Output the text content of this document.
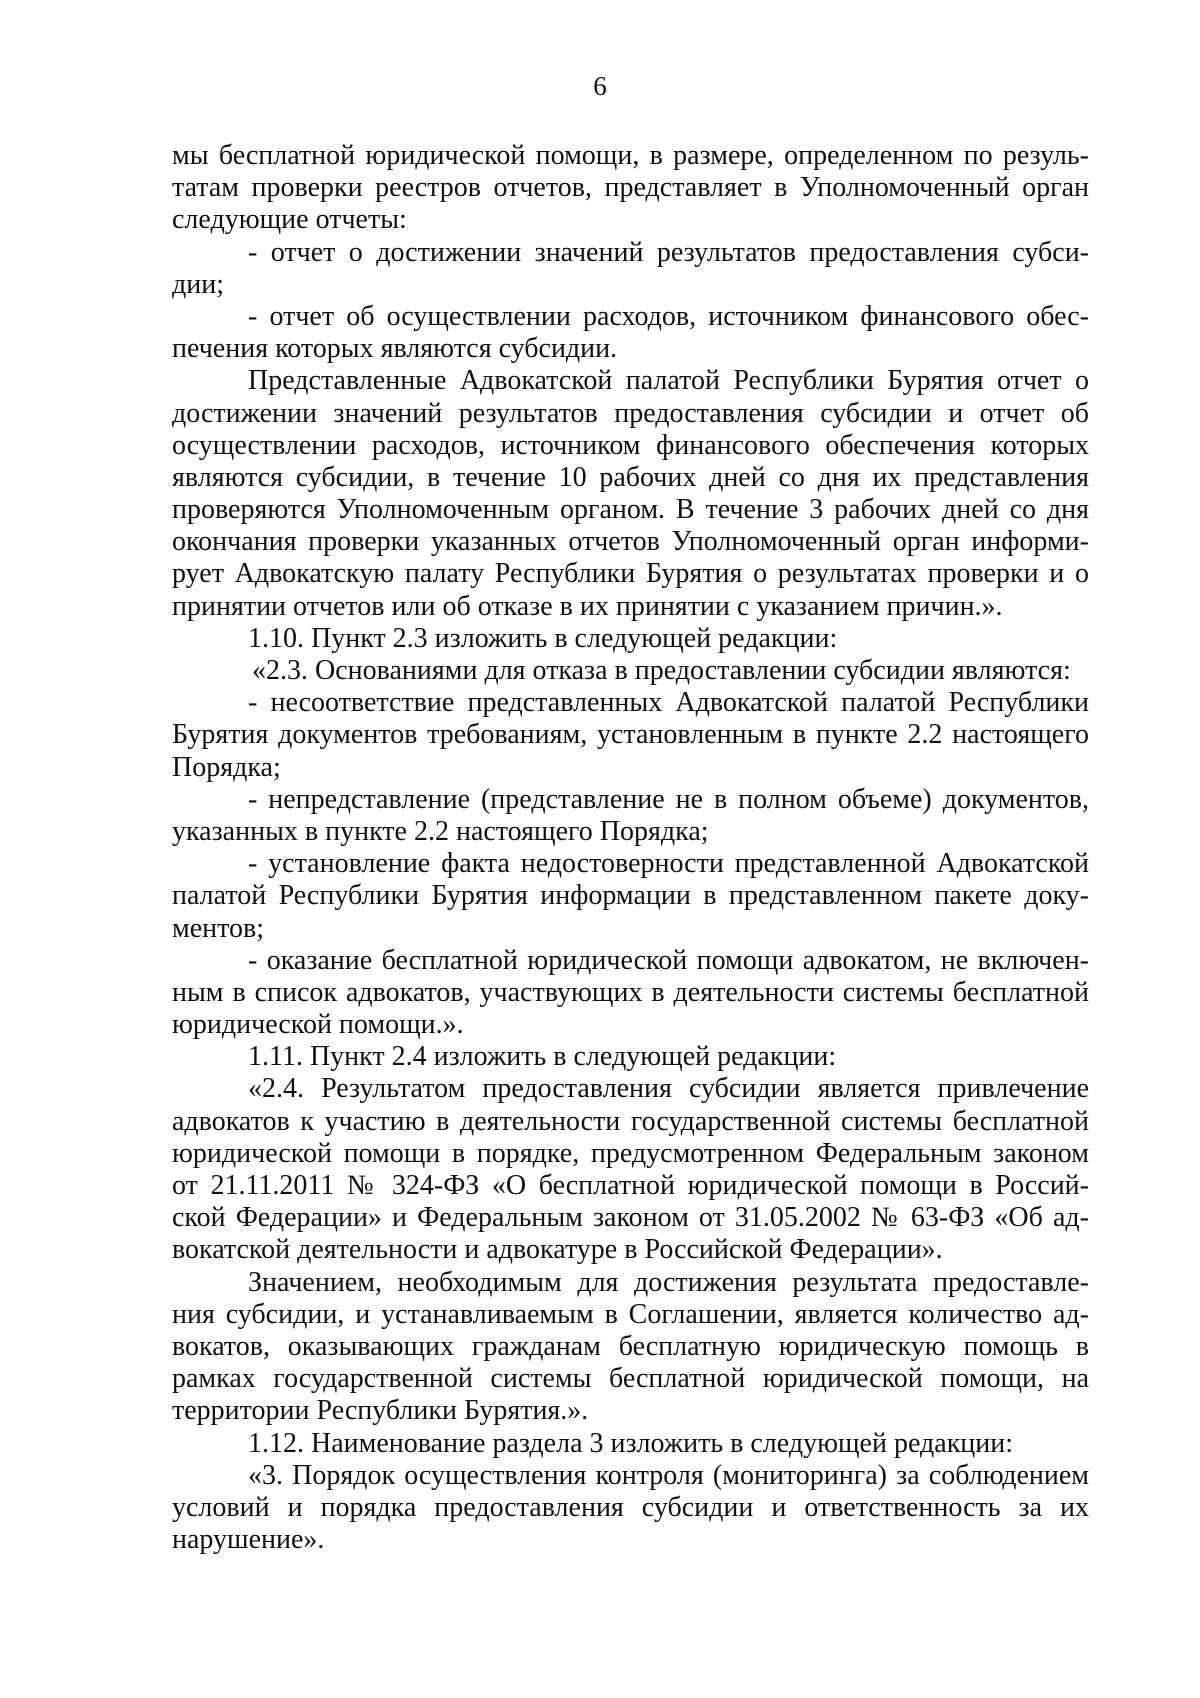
6
мы бесплатной юридической помощи, в размере, определенном по резуль-
татам проверки реестров отчетов, представляет в Уполномоченный орган
следующие отчеты:
- отчет о достижении значений результатов предоставления субси-
дии;
- отчет об осуществлении расходов, источником финансового обес-
печения которых являются субсидии.
Представленные Адвокатской палатой Республики Бурятия отчет о
достижении значений результатов предоставления субсидии и отчет об
осуществлении расходов, источником финансового обеспечения которых
являются субсидии, в течение 10 рабочих дней со дня их представления
проверяются Уполномоченным органом. В течение 3 рабочих дней со дня
окончания проверки указанных отчетов Уполномоченный орган информи-
рует Адвокатскую палату Республики Бурятия о результатах проверки и о
принятии отчетов или об отказе в их принятии с указанием причин.».
1.10. Пункт 2.3 изложить в следующей редакции:
«2.3. Основаниями для отказа в предоставлении субсидии являются:
- несоответствие представленных Адвокатской палатой Республики
Бурятия документов требованиям, установленным в пункте 2.2 настоящего
Порядка;
- непредставление (представление не в полном объеме) документов,
указанных в пункте 2.2 настоящего Порядка;
- установление факта недостоверности представленной Адвокатской
палатой Республики Бурятия информации в представленном пакете доку-
ментов;
- оказание бесплатной юридической помощи адвокатом, не включен-
ным в список адвокатов, участвующих в деятельности системы бесплатной
юридической помощи.».
1.11. Пункт 2.4 изложить в следующей редакции:
«2.4. Результатом предоставления субсидии является привлечение
адвокатов к участию в деятельности государственной системы бесплатной
юридической помощи в порядке, предусмотренном Федеральным законом
от 21.11.2011 № 324-ФЗ «О бесплатной юридической помощи в Россий-
ской Федерации» и Федеральным законом от 31.05.2002 № 63-ФЗ «Об ад-
вокатской деятельности и адвокатуре в Российской Федерации».
Значением, необходимым для достижения результата предоставле-
ния субсидии, и устанавливаемым в Соглашении, является количество ад-
вокатов, оказывающих гражданам бесплатную юридическую помощь в
рамках государственной системы бесплатной юридической помощи, на
территории Республики Бурятия.».
1.12. Наименование раздела 3 изложить в следующей редакции:
«3. Порядок осуществления контроля (мониторинга) за соблюдением
условий и порядка предоставления субсидии и ответственность за их
нарушение».
